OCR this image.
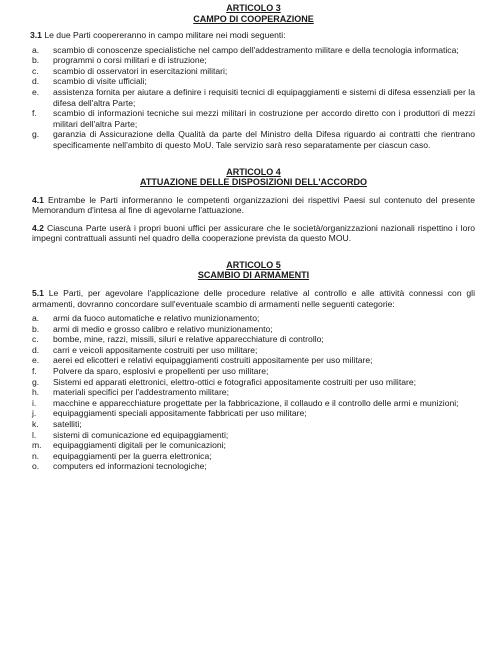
ARTICOLO 3

CAMPO DI COOPERAZIONE

3.1 Le due Parti coopereranno in campo militare nei modi seguenti:

a.	scambio di conoscenze specialistiche nel campo dell'addestramento militare e della tecnologia informatica;
b.	programmi o corsi militari e di istruzione;
c.	scambio di osservatori in esercitazioni militari;
d.	scambio di visite ufficiali;
e.	assistenza fornita per aiutare a definire i requisiti tecnici di equipaggiamenti e sistemi di difesa essenziali per la difesa dell'altra Parte;
f.	scambio di informazioni tecniche sui mezzi militari in costruzione per accordo diretto con i produttori di mezzi militari dell'altra Parte;
g.	garanzia di Assicurazione della Qualità da parte del Ministro della Difesa riguardo ai contratti che rientrano specificamente nell'ambito di questo MoU. Tale servizio sarà reso separatamente per ciascun caso.

ARTICOLO 4

ATTUAZIONE DELLE DISPOSIZIONI DELL'ACCORDO

4.1 Entrambe le Parti informeranno le competenti organizzazioni dei rispettivi Paesi sul contenuto del presente Memorandum d'intesa al fine di agevolarne l'attuazione.

4.2 Ciascuna Parte userà i propri buoni uffici per assicurare che le società/organizzazioni nazionali rispettino i loro impegni contrattuali assunti nel quadro della cooperazione prevista da questo MOU.

ARTICOLO 5

SCAMBIO DI ARMAMENTI

5.1 Le Parti, per agevolare l'applicazione delle procedure relative al controllo e alle attività connessi con gli armamenti, dovranno concordare sull'eventuale scambio di armamenti nelle seguenti categorie:

a.	armi da fuoco automatiche e relativo munizionamento;
b.	armi di medio e grosso calibro e relativo munizionamento;
c.	bombe, mine, razzi, missili, siluri e relative apparecchiature di controllo;
d.	carri e veicoli appositamente costruiti per uso militare;
e.	aerei ed elicotteri e relativi equipaggiamenti costruiti appositamente per uso militare;
f.	Polvere da sparo, esplosivi e propellenti per uso militare;
g.	Sistemi ed apparati elettronici, elettro-ottici e fotografici appositamente costruiti per uso militare;
h.	materiali specifici per l'addestramento militare;
i.	macchine e apparecchiature progettate per la fabbricazione, il collaudo e il controllo delle armi e munizioni;
j.	equipaggiamenti speciali appositamente fabbricati per uso militare;
k.	satelliti;
l.	sistemi di comunicazione ed equipaggiamenti;
m.	equipaggiamenti digitali per le comunicazioni;
n.	equipaggiamenti per la guerra elettronica;
o.	computers ed informazioni tecnologiche;
